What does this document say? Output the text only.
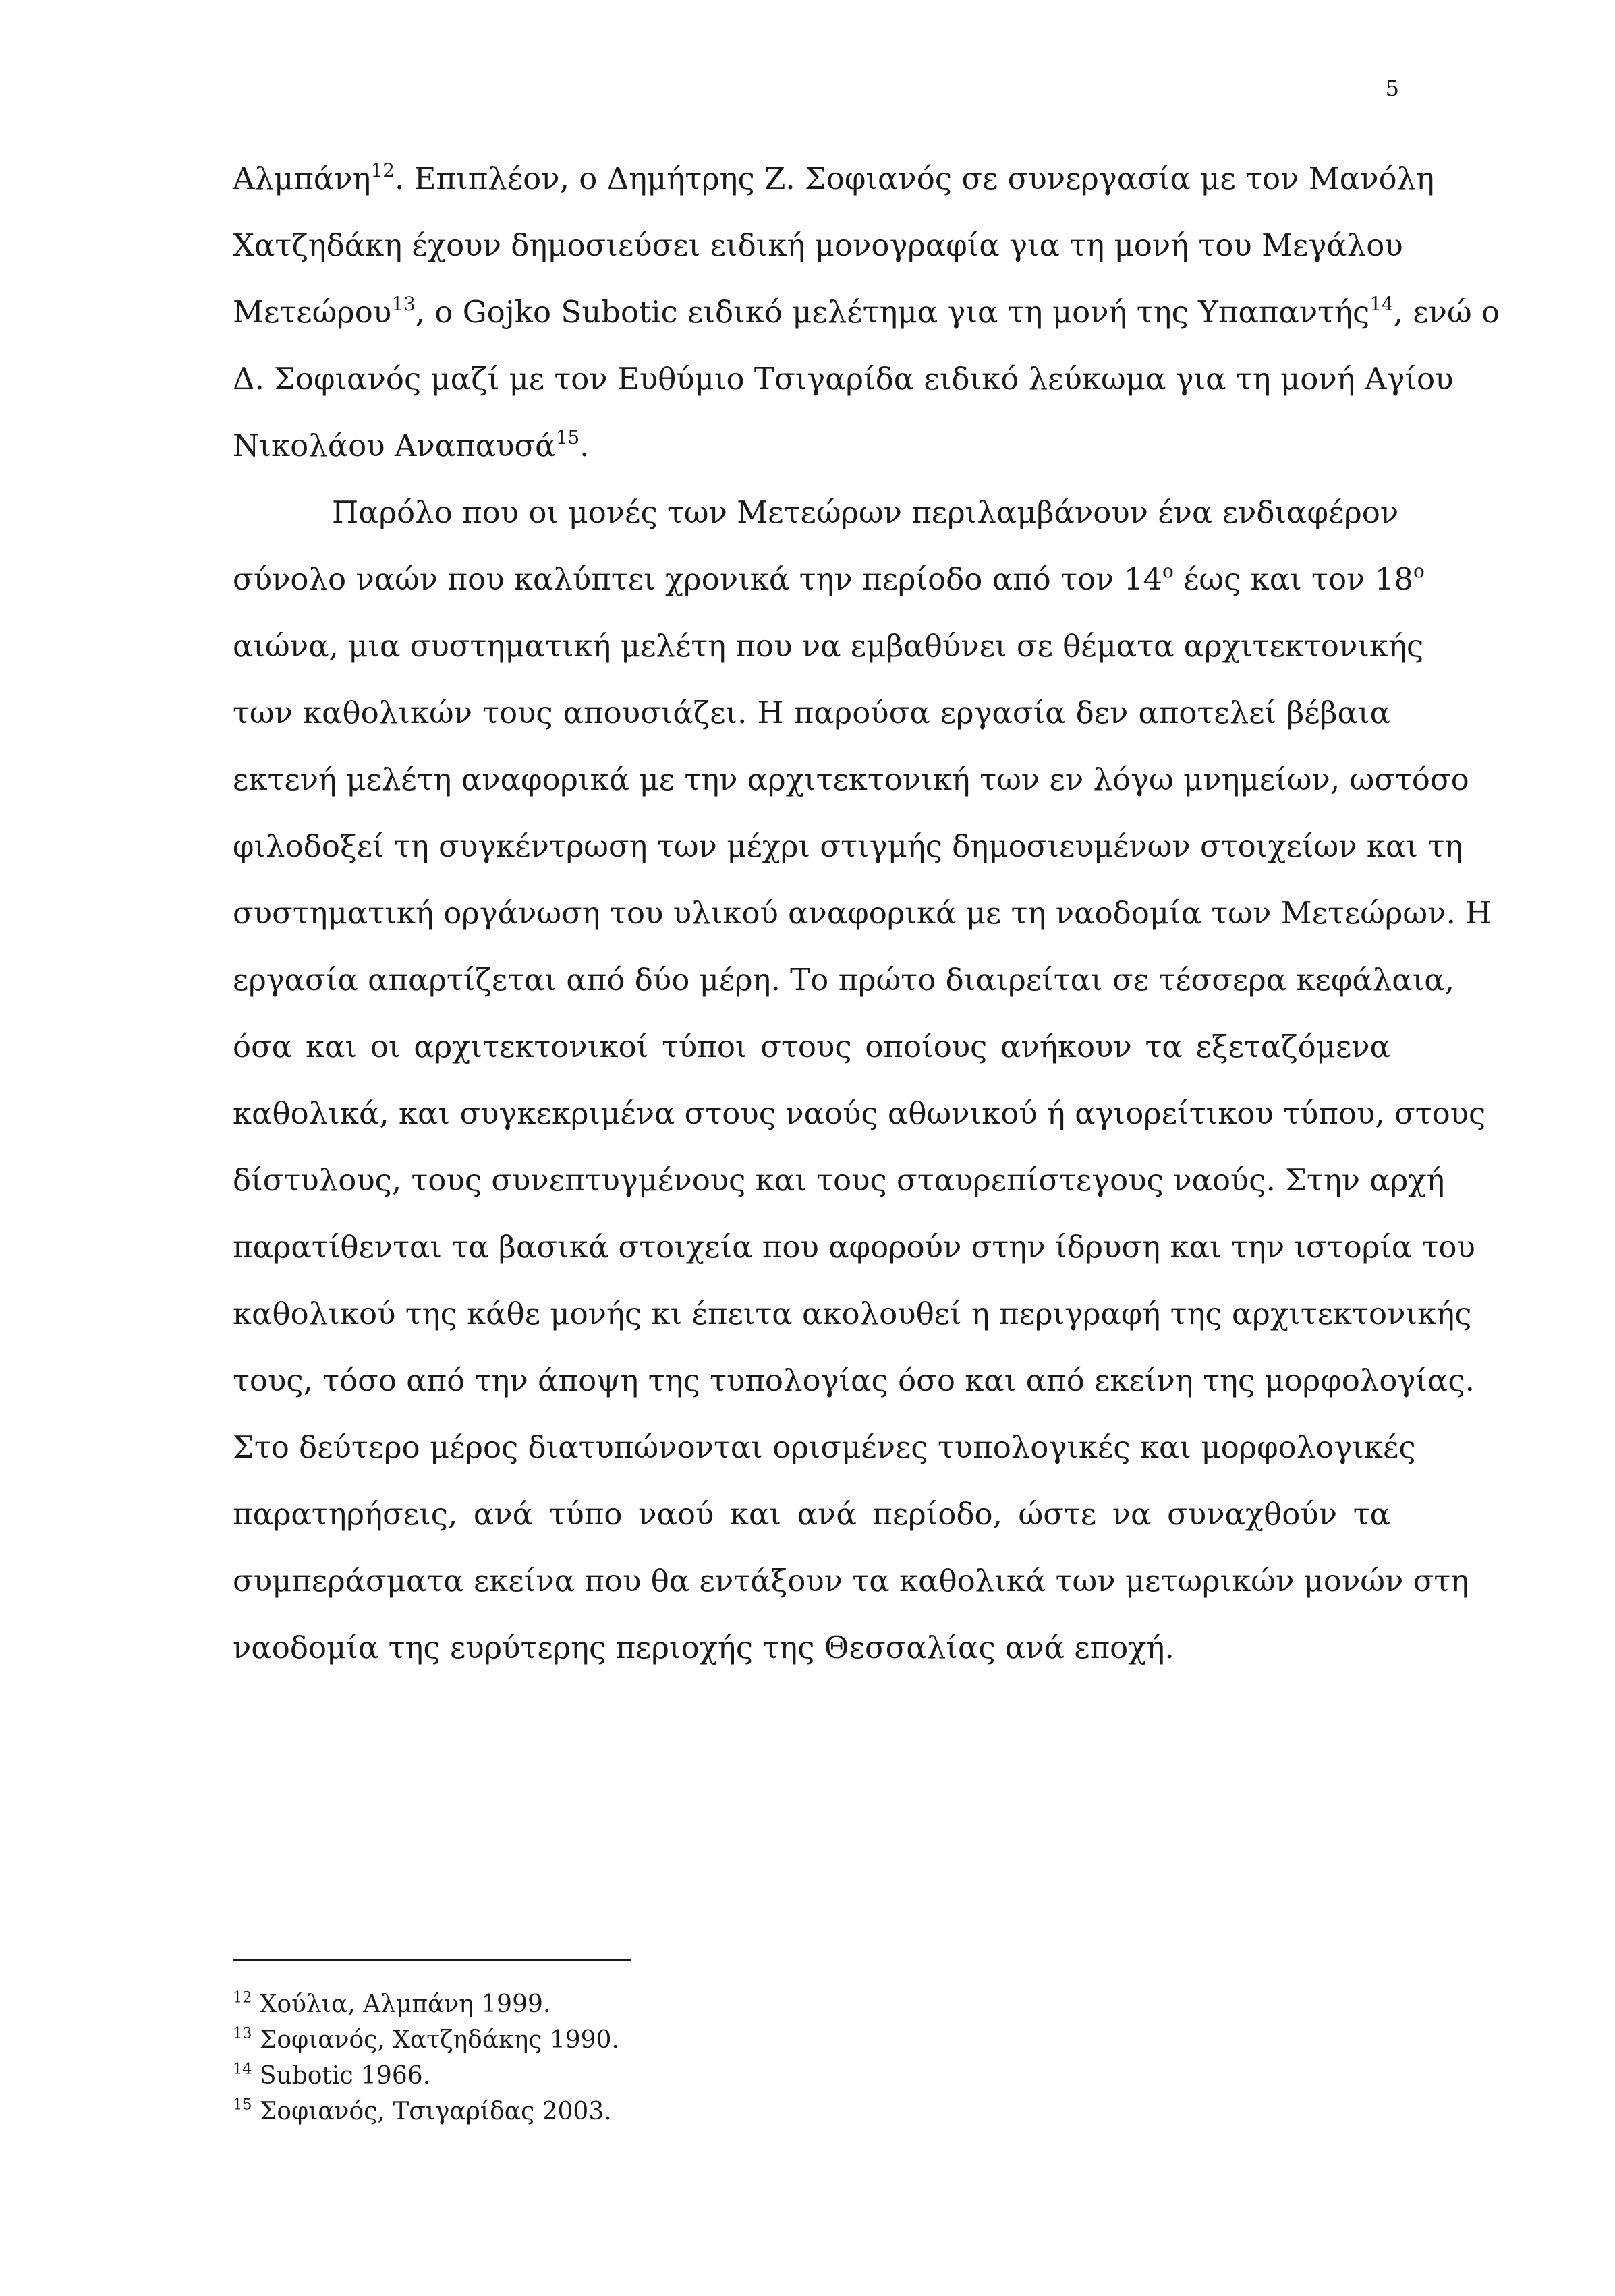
5
Αλμπάνη$^{12}$. Επιπλέον, ο Δημήτρης Ζ. Σοφιανός σε συνεργασία με τον Μανόλη
Χατζηδάκη έχουν δημοσιεύσει ειδική μονογραφία για τη μονή του Μεγάλου
Μετεώρου$^{13}$, ο Gojko Subotic ειδικό μελέτημα για τη μονή της Υπαπαντής$^{14}$, ενώ ο
Δ. Σοφιανός μαζί με τον Ευθύμιο Τσιγαρίδα ειδικό λεύκωμα για τη μονή Αγίου
Νικολάου Αναπαυσά$^{15}$.
Παρόλο που οι μονές των Μετεώρων περιλαμβάνουν ένα ενδιαφέρον
σύνολο ναών που καλύπτει χρονικά την περίοδο από τον $14^o$ έως και τον $18^o$
αιώνα, μια συστηματική μελέτη που να εμβαθύνει σε θέματα αρχιτεκτονικής
των καθολικών τους απουσιάζει. Η παρούσα εργασία δεν αποτελεί βέβαια
εκτενή μελέτη αναφορικά με την αρχιτεκτονική των εν λόγω μνημείων, ωστόσο
φιλοδοξεί τη συγκέντρωση των μέχρι στιγμής δημοσιευμένων στοιχείων και τη
συστηματική οργάνωση του υλικού αναφορικά με τη ναοδομία των Μετεώρων. Η
εργασία απαρτίζεται από δύο μέρη. Το πρώτο διαιρείται σε τέσσερα κεφάλαια,
όσα και οι αρχιτεκτονικοί τύποι στους οποίους ανήκουν τα εξεταζόμενα
καθολικά, και συγκεκριμένα στους ναούς αθωνικού ή αγιορείτικου τύπου, στους
δίστυλους, τους συνεπτυγμένους και τους σταυρεπίστεγους ναούς. Στην αρχή
παρατίθενται τα βασικά στοιχεία που αφορούν στην ίδρυση και την ιστορία του
καθολικού της κάθε μονής κι έπειτα ακολουθεί η περιγραφή της αρχιτεκτονικής
τους, τόσο από την άποψη της τυπολογίας όσο και από εκείνη της μορφολογίας.
Στο δεύτερο μέρος διατυπώνονται ορισμένες τυπολογικές και μορφολογικές
παρατηρήσεις, ανά τύπο ναού και ανά περίοδο, ώστε να συναχθούν τα
συμπεράσματα εκείνα που θα εντάξουν τα καθολικά των μετωρικών μονών στη
ναοδομία της ευρύτερης περιοχής της Θεσσαλίας ανά εποχή.
$^{12}$ Χούλια, Αλμπάνη 1999.
$^{13}$ Σοφιανός, Χατζηδάκης 1990.
$^{14}$ Subotic 1966.
$^{15}$ Σοφιανός, Τσιγαρίδας 2003.
